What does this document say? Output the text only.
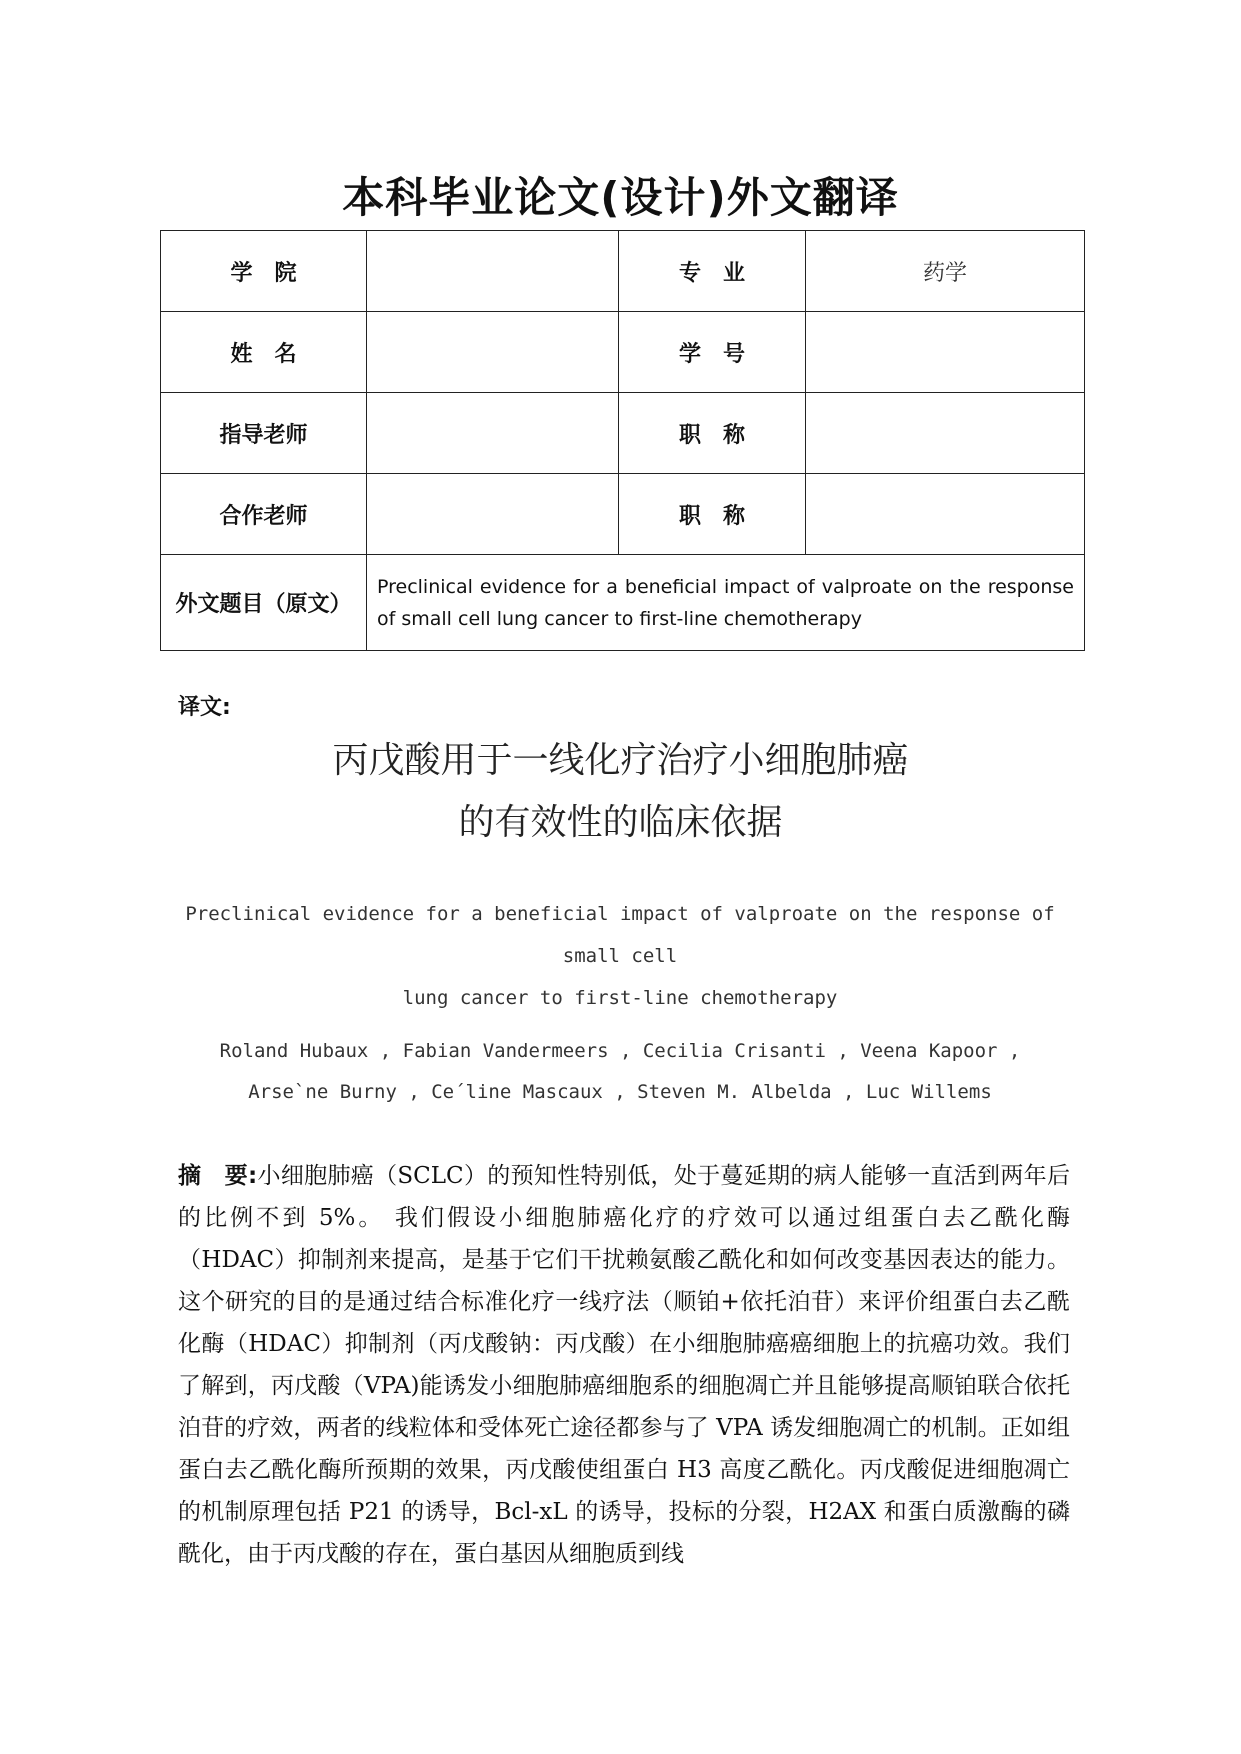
本科毕业论文(设计)外文翻译
学　院		专　业	药学
姓　名		学　号	
指导老师		职　称	
合作老师		职　称	
外文题目（原文）	Preclinical evidence for a beneficial impact of valproate on the response of small cell lung cancer to first-line chemotherapy		
译文:
丙戊酸用于一线化疗治疗小细胞肺癌
的有效性的临床依据
Preclinical evidence for a beneficial impact of valproate on the response of small cell
lung cancer to first-line chemotherapy
Roland Hubaux , Fabian Vandermeers , Cecilia Crisanti , Veena Kapoor ,
Arse`ne Burny , Ce´line Mascaux , Steven M. Albelda , Luc Willems

摘　要:小细胞肺癌（SCLC）的预知性特别低，处于蔓延期的病人能够一直活到两年后的比例不到 5%。 我们假设小细胞肺癌化疗的疗效可以通过组蛋白去乙酰化酶（HDAC）抑制剂来提高，是基于它们干扰赖氨酸乙酰化和如何改变基因表达的能力。这个研究的目的是通过结合标准化疗一线疗法（顺铂+依托泊苷）来评价组蛋白去乙酰化酶（HDAC）抑制剂（丙戊酸钠：丙戊酸）在小细胞肺癌癌细胞上的抗癌功效。我们了解到，丙戊酸（VPA)能诱发小细胞肺癌细胞系的细胞凋亡并且能够提高顺铂联合依托泊苷的疗效，两者的线粒体和受体死亡途径都参与了 VPA 诱发细胞凋亡的机制。正如组蛋白去乙酰化酶所预期的效果，丙戊酸使组蛋白 H3 高度乙酰化。丙戊酸促进细胞凋亡的机制原理包括 P21 的诱导，Bcl-xL 的诱导，投标的分裂，H2AX 和蛋白质激酶的磷酰化，由于丙戊酸的存在，蛋白基因从细胞质到线
